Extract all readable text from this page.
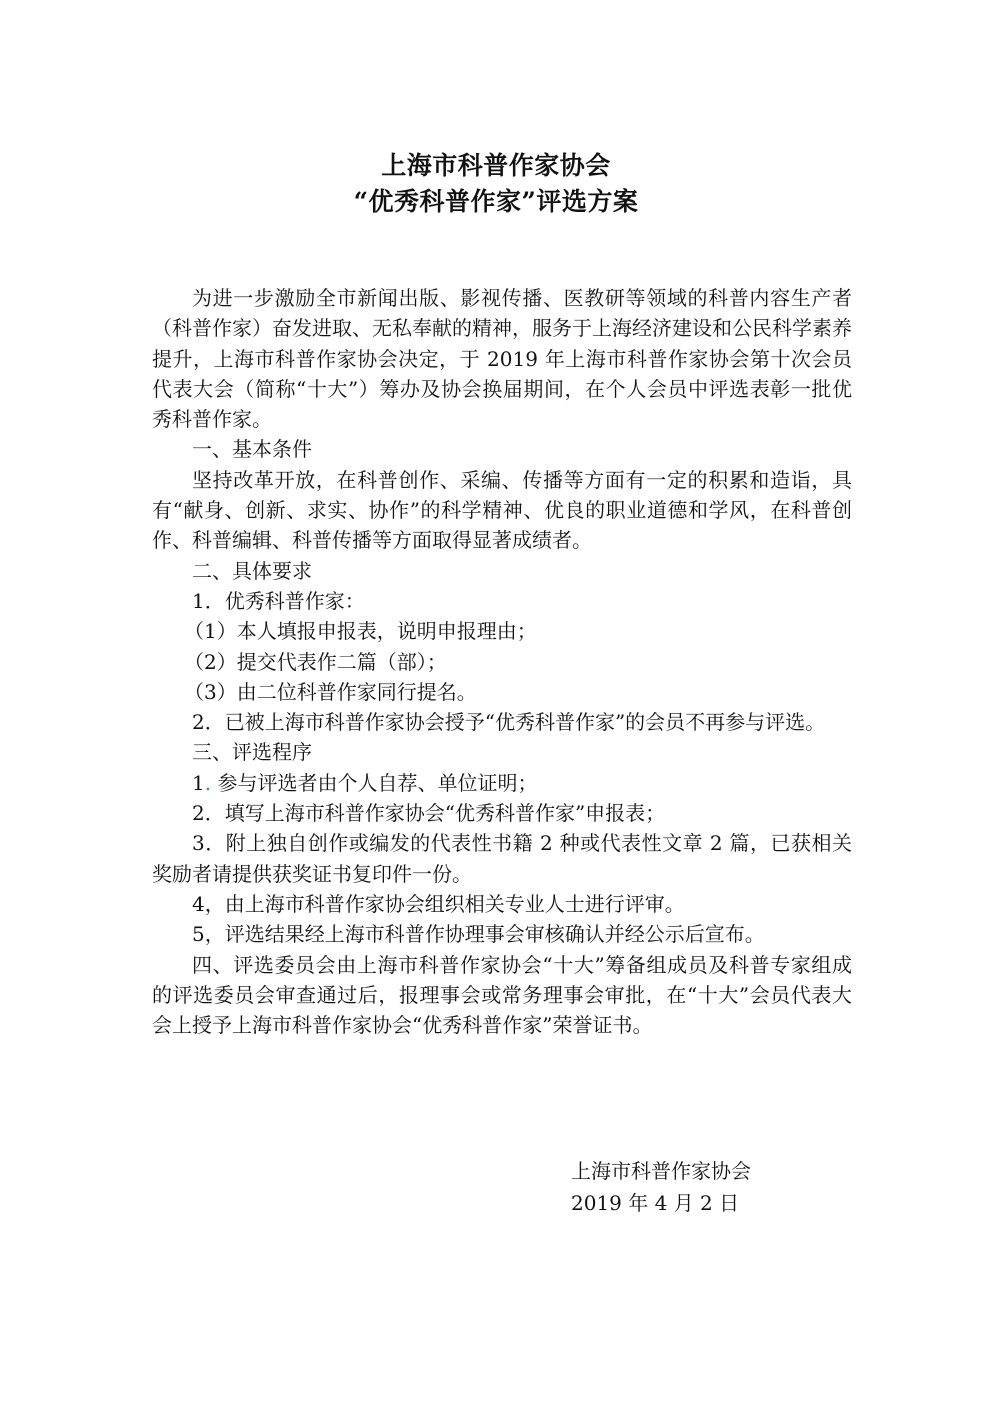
上海市科普作家协会
“优秀科普作家”评选方案

为进一步激励全市新闻出版、影视传播、医教研等领域的科普内容生产者（科普作家）奋发进取、无私奉献的精神，服务于上海经济建设和公民科学素养提升，上海市科普作家协会决定，于 2019 年上海市科普作家协会第十次会员代表大会（简称“十大”）筹办及协会换届期间，在个人会员中评选表彰一批优秀科普作家。

一、基本条件

坚持改革开放，在科普创作、采编、传播等方面有一定的积累和造诣，具有“献身、创新、求实、协作”的科学精神、优良的职业道德和学风，在科普创作、科普编辑、科普传播等方面取得显著成绩者。

二、具体要求

1．优秀科普作家：

（1）本人填报申报表，说明申报理由；

（2）提交代表作二篇（部）；

（3）由二位科普作家同行提名。

2．已被上海市科普作家协会授予“优秀科普作家”的会员不再参与评选。

三、评选程序

1. 参与评选者由个人自荐、单位证明；

2．填写上海市科普作家协会“优秀科普作家”申报表；

3．附上独自创作或编发的代表性书籍 2 种或代表性文章 2 篇，已获相关奖励者请提供获奖证书复印件一份。

4，由上海市科普作家协会组织相关专业人士进行评审。

5，评选结果经上海市科普作协理事会审核确认并经公示后宣布。

四、评选委员会由上海市科普作家协会“十大”筹备组成员及科普专家组成的评选委员会审查通过后，报理事会或常务理事会审批，在“十大”会员代表大会上授予上海市科普作家协会“优秀科普作家”荣誉证书。

上海市科普作家协会
2019 年 4 月 2 日
